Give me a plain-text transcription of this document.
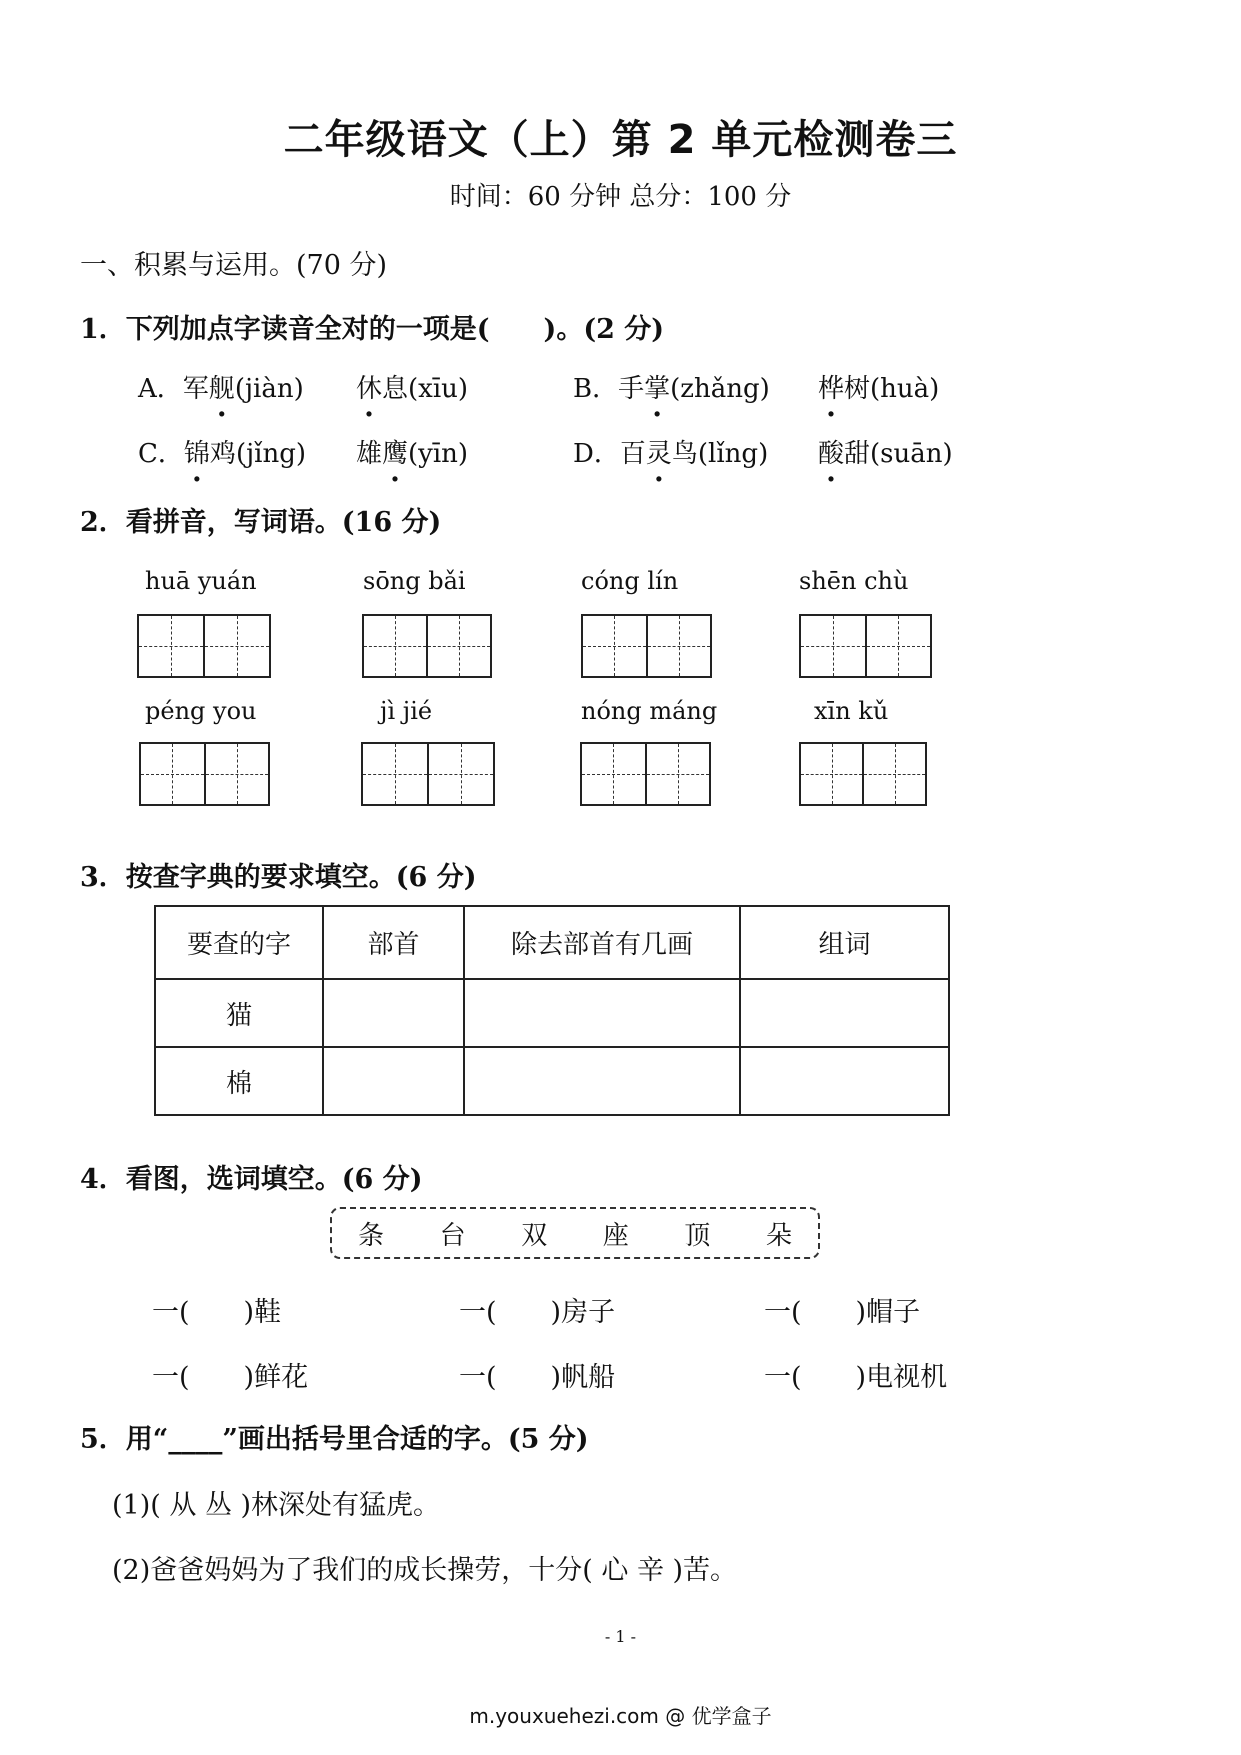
二年级语文（上）第 2 单元检测卷三
时间：60 分钟 总分：100 分
一、积累与运用。(70 分)
1．下列加点字读音全对的一项是(　　)。(2 分)
A．军舰(jiàn) 休息(xīu)	B．手掌(zhǎng) 桦树(huà)
C．锦鸡(jǐng) 雄鹰(yīn)	D．百灵鸟(lǐng) 酸甜(suān)
2．看拼音，写词语。(16 分)
huā yuán	sōng bǎi	cóng lín	shēn chù
péng you	jì jié	nóng máng	xīn kǔ
3．按查字典的要求填空。(6 分)
要查的字	部首	除去部首有几画	组词
猫			
棉			
4．看图，选词填空。(6 分)
条 台 双 座 顶 朵
一(　　)鞋	一(　　)房子	一(　　)帽子
一(　　)鲜花	一(　　)帆船	一(　　)电视机
5．用“____”画出括号里合适的字。(5 分)
(1)( 从 丛 )林深处有猛虎。
(2)爸爸妈妈为了我们的成长操劳，十分( 心 辛 )苦。
- 1 -
m.youxuehezi.com @ 优学盒子
